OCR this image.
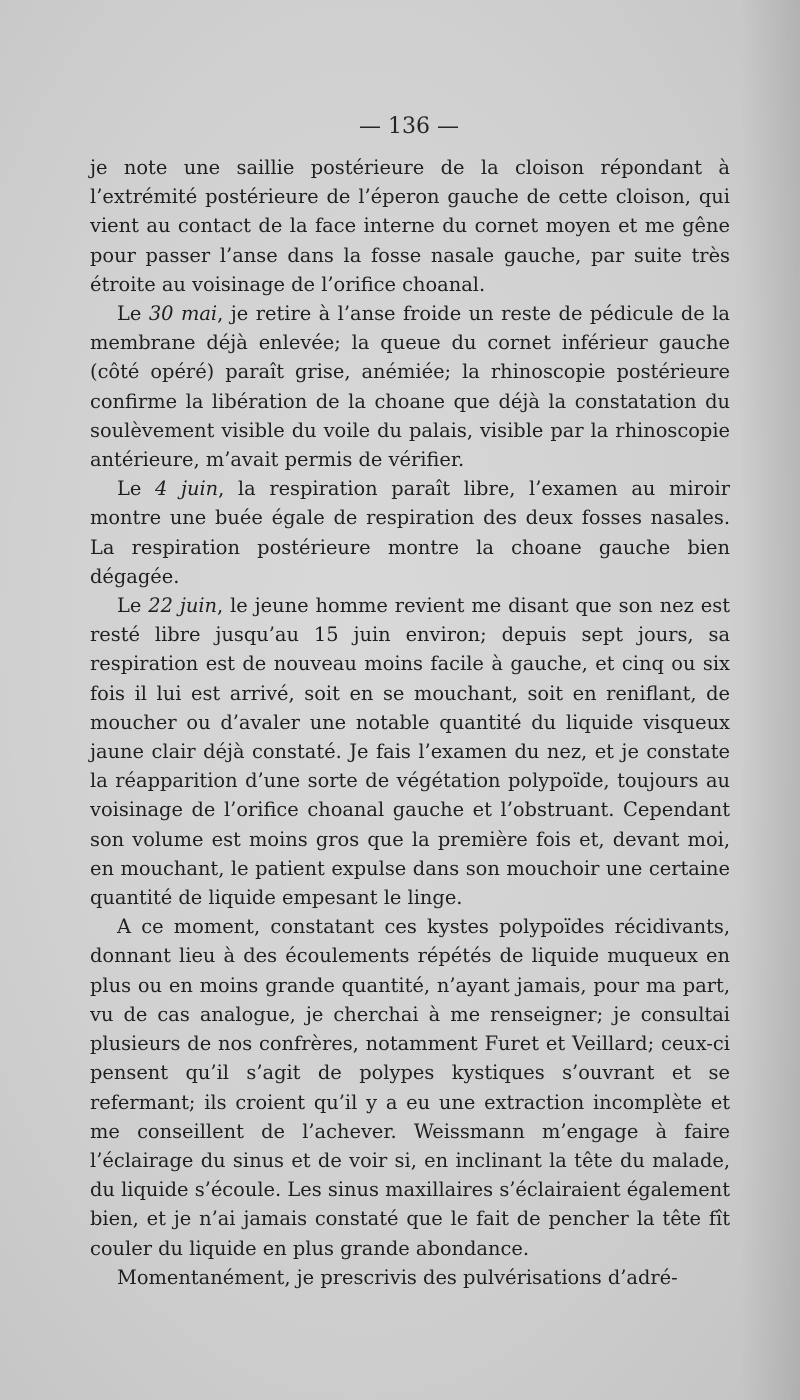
— 136 —

je note une saillie postérieure de la cloison répondant à l’extrémité postérieure de l’éperon gauche de cette cloison, qui vient au contact de la face interne du cornet moyen et me gêne pour passer l’anse dans la fosse nasale gauche, par suite très étroite au voisinage de l’orifice choanal.

Le 30 mai, je retire à l’anse froide un reste de pédicule de la membrane déjà enlevée; la queue du cornet inférieur gauche (côté opéré) paraît grise, anémiée; la rhinoscopie postérieure confirme la libération de la choane que déjà la constatation du soulèvement visible du voile du palais, visible par la rhinoscopie antérieure, m’avait permis de vérifier.

Le 4 juin, la respiration paraît libre, l’examen au miroir montre une buée égale de respiration des deux fosses nasales. La respiration postérieure montre la choane gauche bien dégagée.

Le 22 juin, le jeune homme revient me disant que son nez est resté libre jusqu’au 15 juin environ; depuis sept jours, sa respiration est de nouveau moins facile à gauche, et cinq ou six fois il lui est arrivé, soit en se mouchant, soit en reniflant, de moucher ou d’avaler une notable quantité du liquide visqueux jaune clair déjà constaté. Je fais l’examen du nez, et je constate la réapparition d’une sorte de végétation polypoïde, toujours au voisinage de l’orifice choanal gauche et l’obstruant. Cependant son volume est moins gros que la première fois et, devant moi, en mouchant, le patient expulse dans son mouchoir une certaine quantité de liquide empesant le linge.

A ce moment, constatant ces kystes polypoïdes récidivants, donnant lieu à des écoulements répétés de liquide muqueux en plus ou en moins grande quantité, n’ayant jamais, pour ma part, vu de cas analogue, je cherchai à me renseigner; je consultai plusieurs de nos confrères, notamment Furet et Veillard; ceux-ci pensent qu’il s’agit de polypes kystiques s’ouvrant et se refermant; ils croient qu’il y a eu une extraction incomplète et me conseillent de l’achever. Weissmann m’engage à faire l’éclairage du sinus et de voir si, en inclinant la tête du malade, du liquide s’écoule. Les sinus maxillaires s’éclairaient également bien, et je n’ai jamais constaté que le fait de pencher la tête fît couler du liquide en plus grande abondance.

Momentanément, je prescrivis des pulvérisations d’adré-
